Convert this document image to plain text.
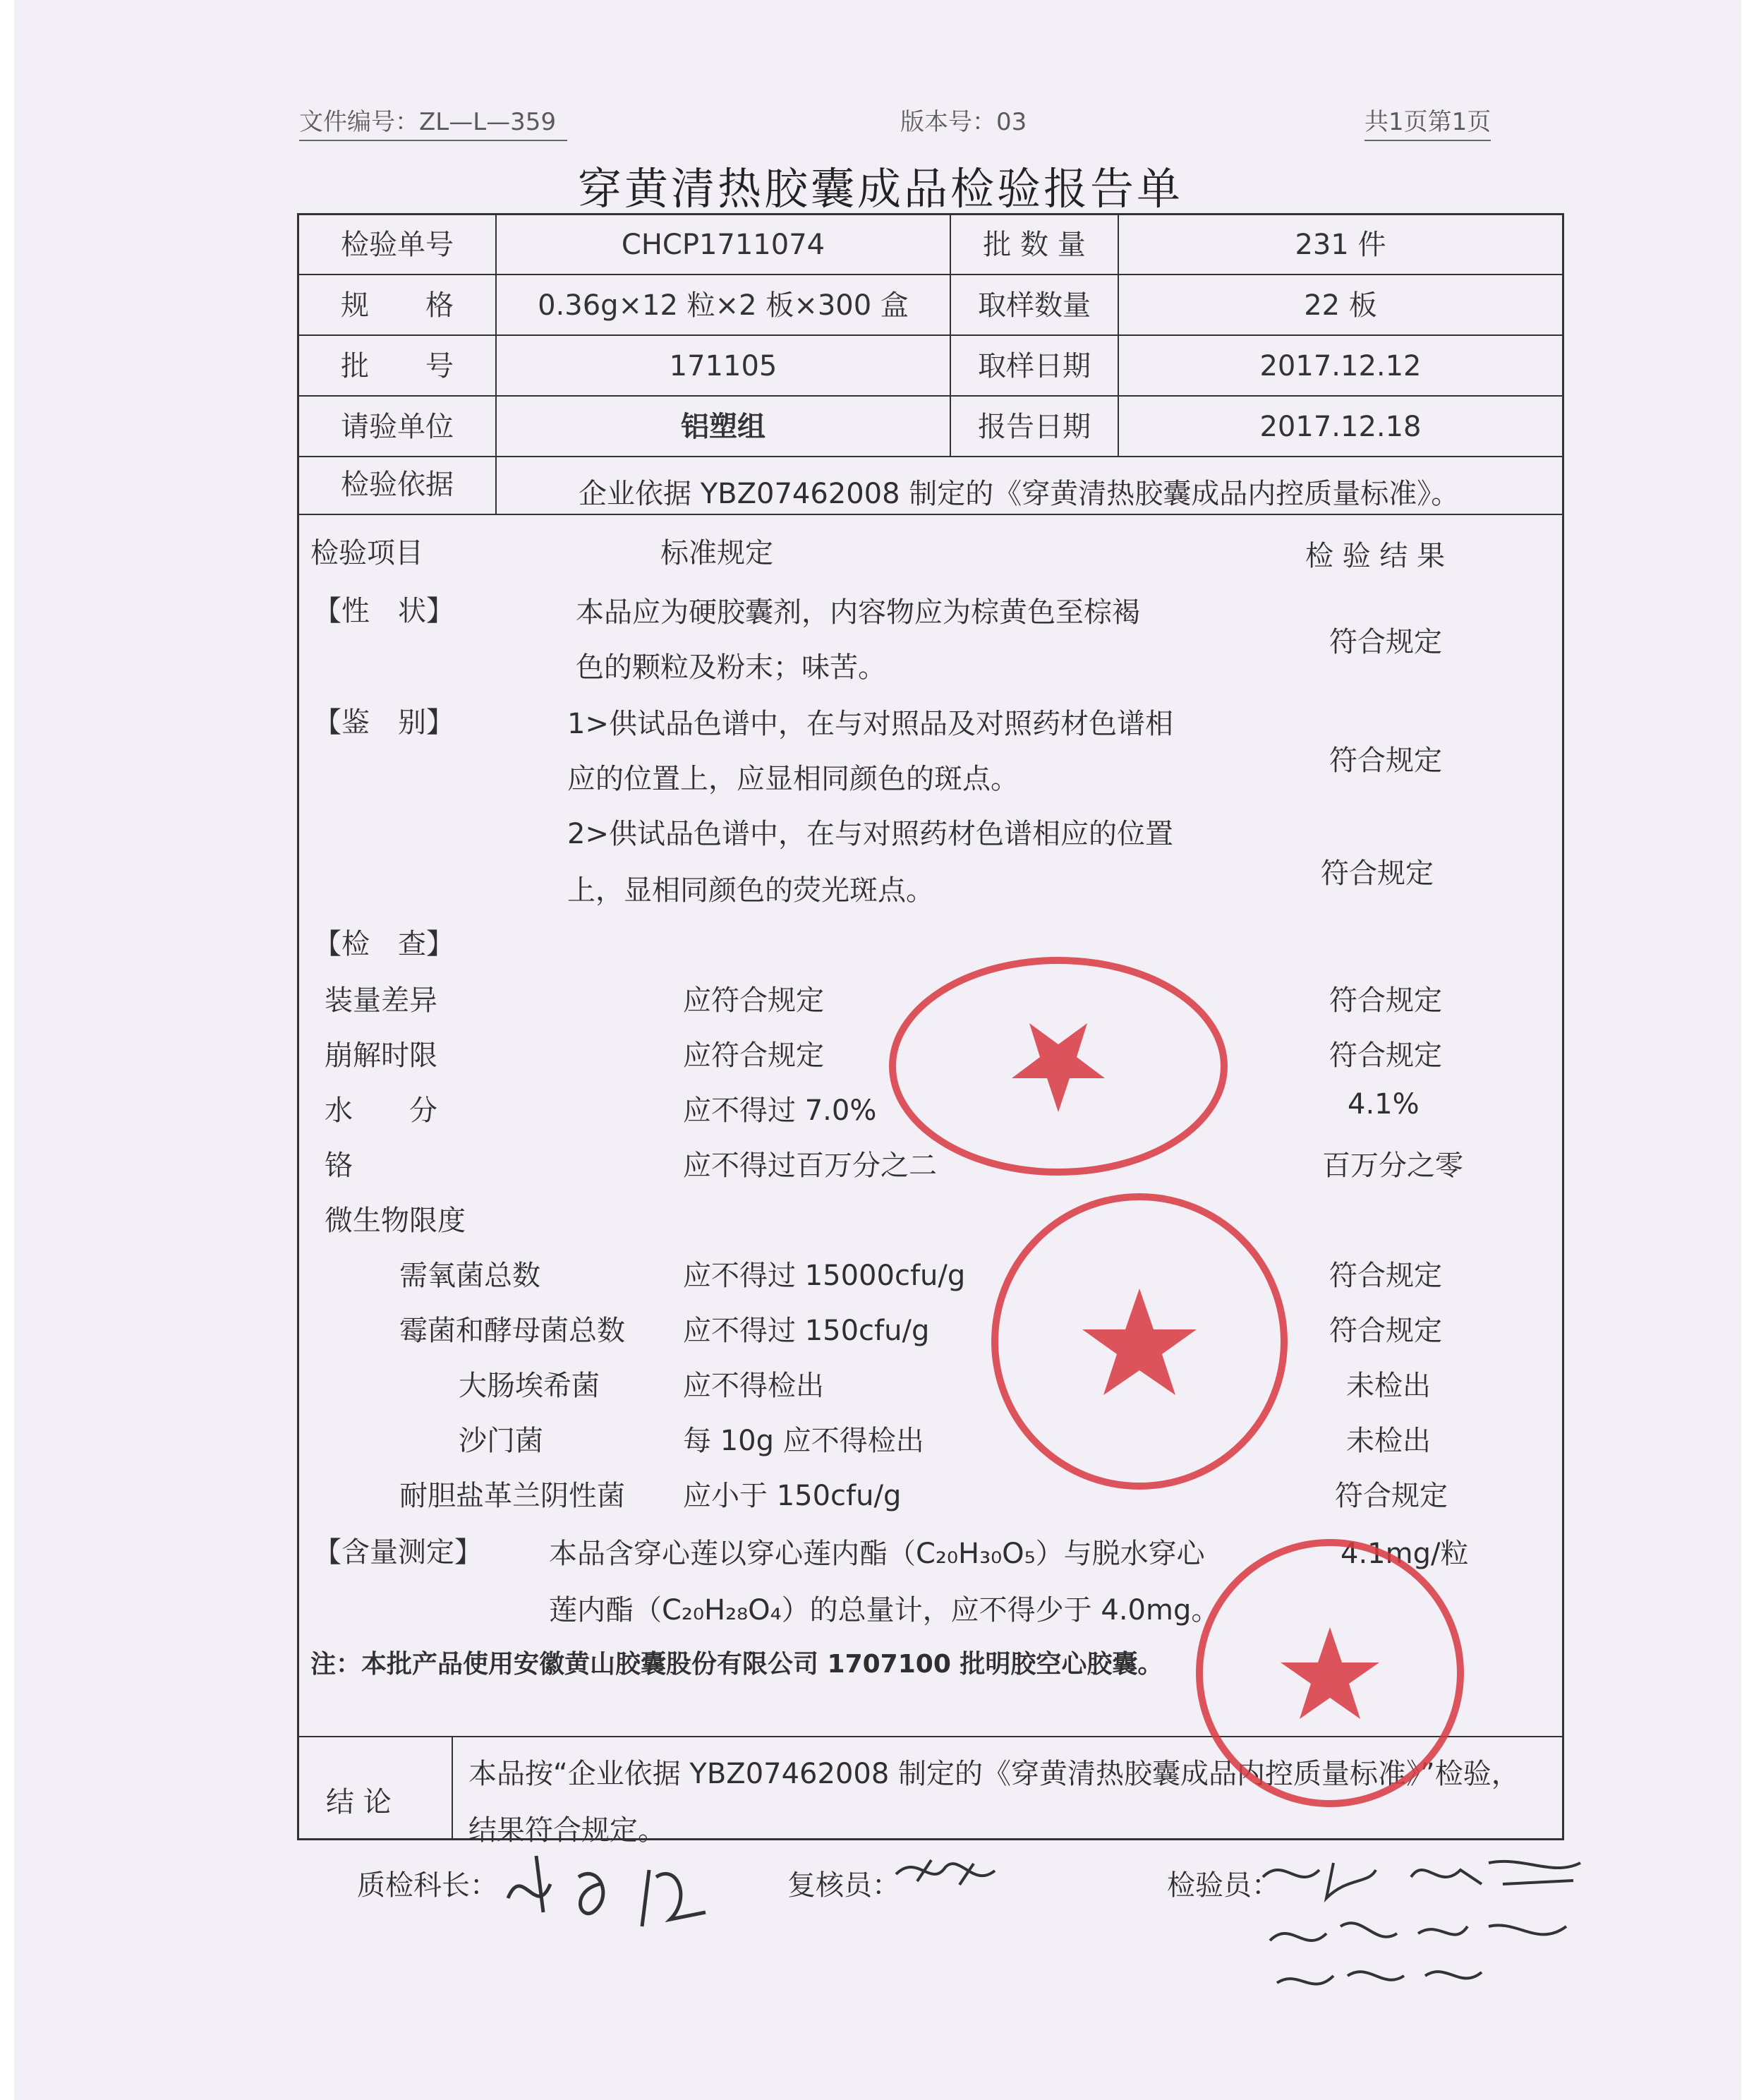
文件编号：ZL—L—359	版本号：03	共1页第1页
穿黄清热胶囊成品检验报告单
检验单号	CHCP1711074	批 数 量	231 件
规　　格	0.36g×12 粒×2 板×300 盒	取样数量	22 板
批　　号	171105	取样日期	2017.12.12
请验单位	铝塑组	报告日期	2017.12.18
检验依据	企业依据 YBZ07462008 制定的《穿黄清热胶囊成品内控质量标准》。
检验项目	标准规定	检 验 结 果
【性　状】	本品应为硬胶囊剂，内容物应为棕黄色至棕褐
色的颗粒及粉末；味苦。
符合规定
【鉴　别】	1>供试品色谱中，在与对照品及对照药材色谱相
应的位置上，应显相同颜色的斑点。
符合规定
2>供试品色谱中，在与对照药材色谱相应的位置
上，显相同颜色的荧光斑点。
符合规定
【检　查】
装量差异	应符合规定	符合规定
崩解时限	应符合规定	符合规定
水　　分	应不得过 7.0%	4.1%
铬	应不得过百万分之二	百万分之零
微生物限度
需氧菌总数	应不得过 15000cfu/g	符合规定
霉菌和酵母菌总数 应不得过 150cfu/g	符合规定
大肠埃希菌	应不得检出	未检出
沙门菌	每 10g 应不得检出	未检出
耐胆盐革兰阴性菌 应小于 150cfu/g	符合规定
【含量测定】 本品含穿心莲以穿心莲内酯（C₂₀H₃₀O₅）与脱水穿心
莲内酯（C₂₀H₂₈O₄）的总量计，应不得少于 4.0mg。
4.1mg/粒
注：本批产品使用安徽黄山胶囊股份有限公司 1707100 批明胶空心胶囊。
结 论
本品按“企业依据 YBZ07462008 制定的《穿黄清热胶囊成品内控质量标准》”检验，
结果符合规定。
质检科长：	复核员：	检验员：
